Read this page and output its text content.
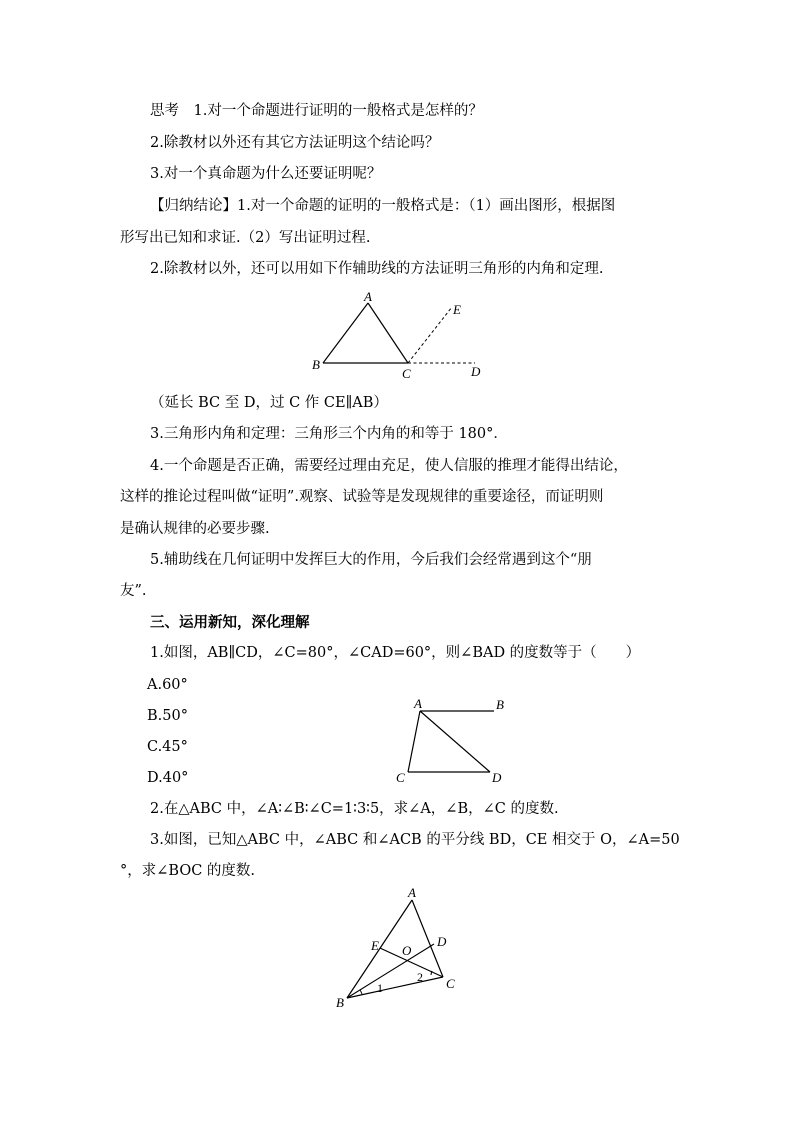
思考　1.对一个命题进行证明的一般格式是怎样的？
2.除教材以外还有其它方法证明这个结论吗？
3.对一个真命题为什么还要证明呢？
【归纳结论】1.对一个命题的证明的一般格式是：（1）画出图形，根据图
形写出已知和求证.（2）写出证明过程.
2.除教材以外，还可以用如下作辅助线的方法证明三角形的内角和定理.
A
B
C	D
E
（延长 BC 至 D，过 C 作 CE∥AB）
3.三角形内角和定理：三角形三个内角的和等于 180°．
4.一个命题是否正确，需要经过理由充足，使人信服的推理才能得出结论，
这样的推论过程叫做“证明”.观察、试验等是发现规律的重要途径，而证明则
是确认规律的必要步骤.
5.辅助线在几何证明中发挥巨大的作用，今后我们会经常遇到这个“朋
友”.
三、运用新知，深化理解
1.如图，AB∥CD，∠C=80°，∠CAD=60°，则∠BAD 的度数等于（　　）
A.60°
B.50°
C.45°
D.40°
A	B
C	D
2.在△ABC 中，∠A∶∠B∶∠C=1∶3∶5，求∠A，∠B，∠C 的度数.
3.如图，已知△ABC 中，∠ABC 和∠ACB 的平分线 BD，CE 相交于 O，∠A=50
°，求∠BOC 的度数.
A
B
C
D
E O
1
2
